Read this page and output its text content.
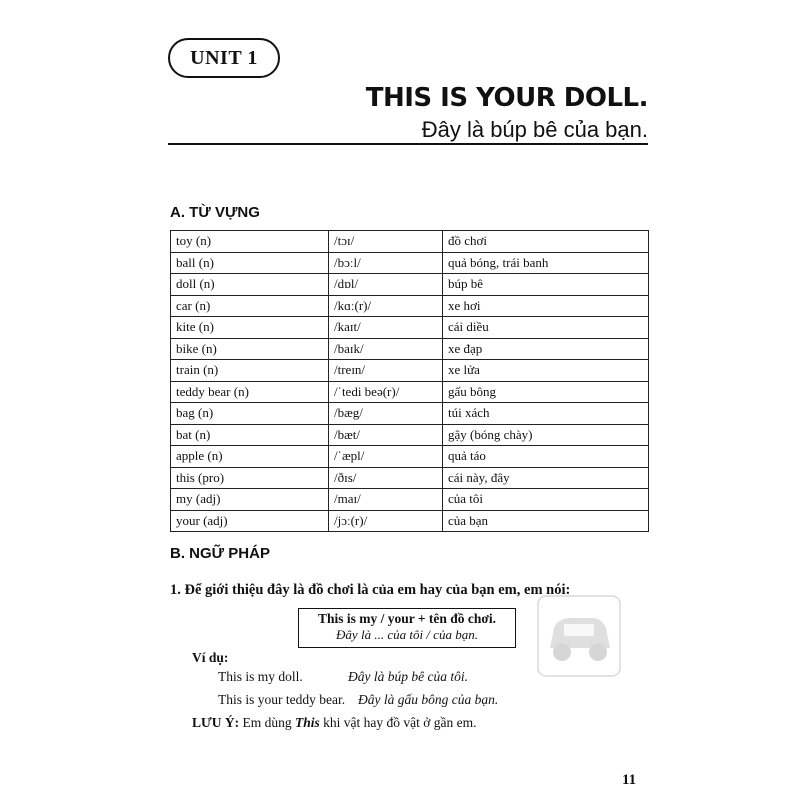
UNIT 1
THIS IS YOUR DOLL.
Đây là búp bê của bạn.
A. TỪ VỰNG
toy (n)	/tɔɪ/	đồ chơi
ball (n)	/bɔːl/	quả bóng, trái banh
doll (n)	/dɒl/	búp bê
car (n)	/kɑː(r)/	xe hơi
kite (n)	/kaɪt/	cái diều
bike (n)	/baɪk/	xe đạp
train (n)	/treɪn/	xe lửa
teddy bear (n)	/ˈtedi beə(r)/	gấu bông
bag (n)	/bæg/	túi xách
bat (n)	/bæt/	gậy (bóng chày)
apple (n)	/ˈæpl/	quả táo
this (pro)	/ðɪs/	cái này, đây
my (adj)	/maɪ/	của tôi
your (adj)	/jɔː(r)/	của bạn
B. NGỮ PHÁP
1. Để giới thiệu đây là đồ chơi là của em hay của bạn em, em nói:
This is my / your + tên đồ chơi.
Đây là ... của tôi / của bạn.
Ví dụ:
This is my doll.	Đây là búp bê của tôi.
This is your teddy bear. Đây là gấu bông của bạn.
LƯU Ý: Em dùng This khi vật hay đồ vật ở gần em.
11
